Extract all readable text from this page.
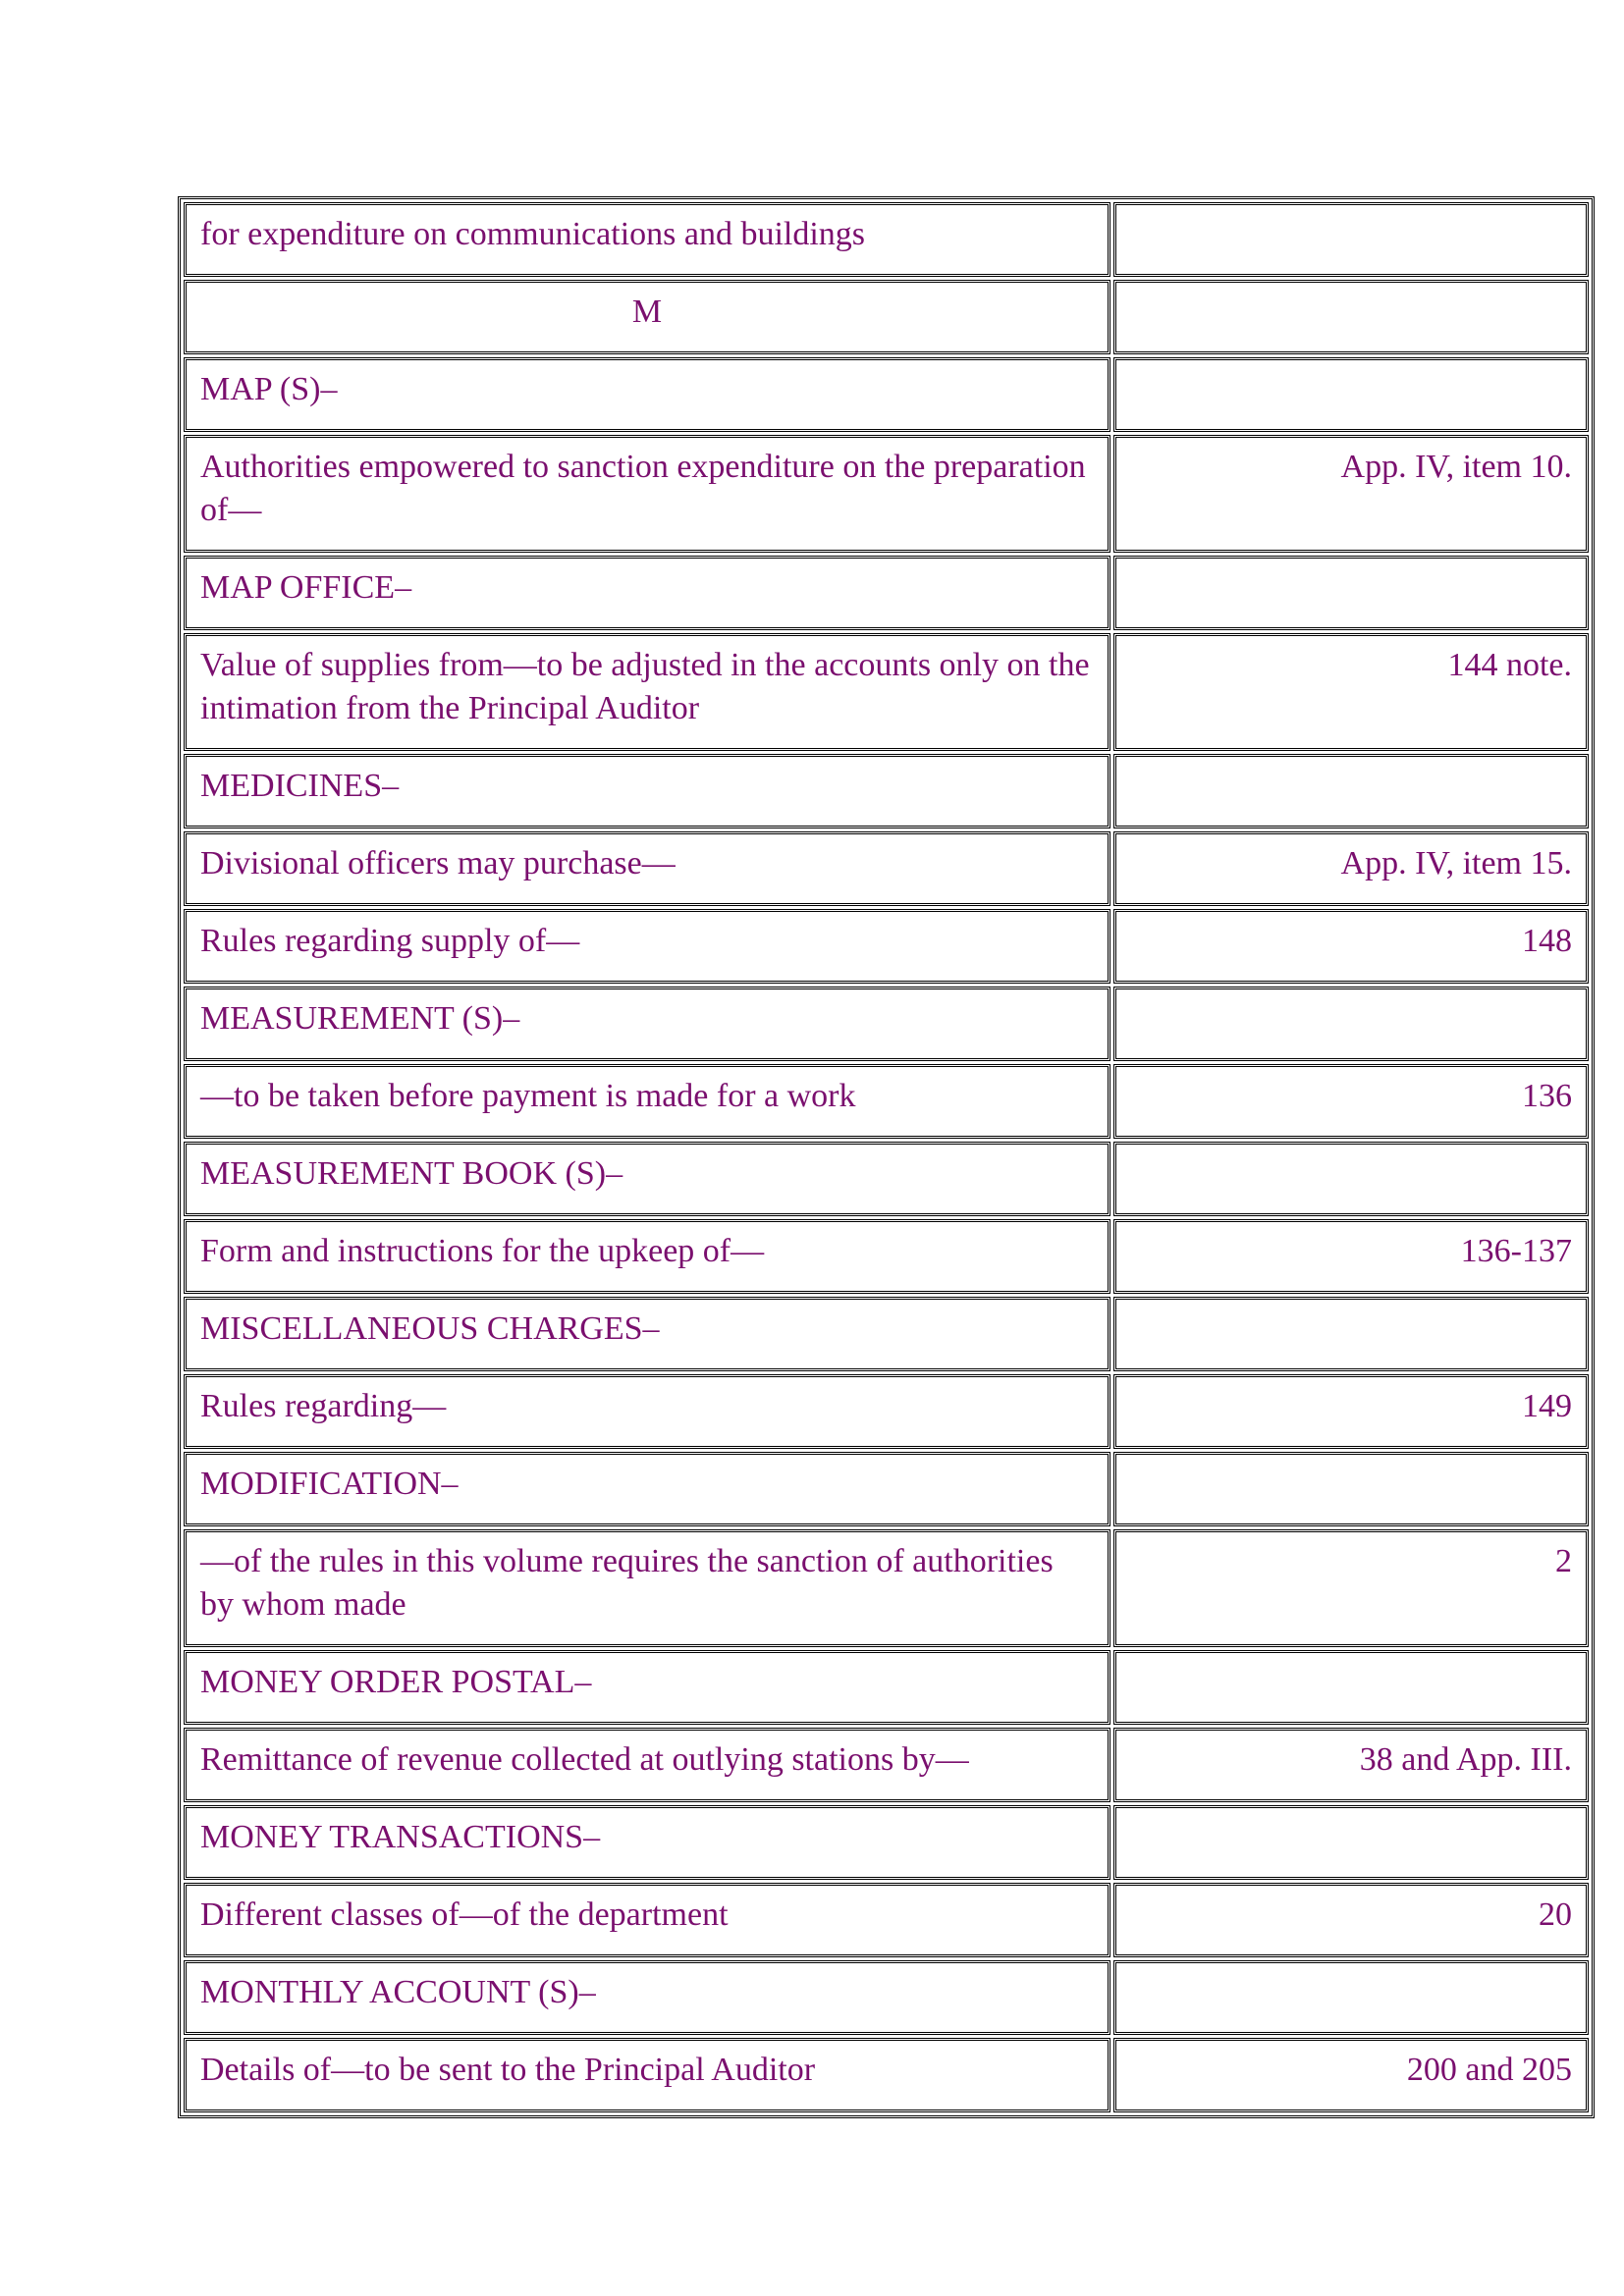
for expenditure on communications and buildings	
M	
MAP (S)–	
Authorities empowered to sanction expenditure on the preparation of—	App. IV, item 10.
MAP OFFICE–	
Value of supplies from—to be adjusted in the accounts only on the intimation from the Principal Auditor	144 note.
MEDICINES–	
Divisional officers may purchase—	App. IV, item 15.
Rules regarding supply of—	148
MEASUREMENT (S)–	
—to be taken before payment is made for a work	136
MEASUREMENT BOOK (S)–	
Form and instructions for the upkeep of—	136-137
MISCELLANEOUS CHARGES–	
Rules regarding—	149
MODIFICATION–	
—of the rules in this volume requires the sanction of authorities by whom made	2
MONEY ORDER POSTAL–	
Remittance of revenue collected at outlying stations by—	38 and App. III.
MONEY TRANSACTIONS–	
Different classes of—of the department	20
MONTHLY ACCOUNT (S)–	
Details of—to be sent to the Principal Auditor	200 and 205
